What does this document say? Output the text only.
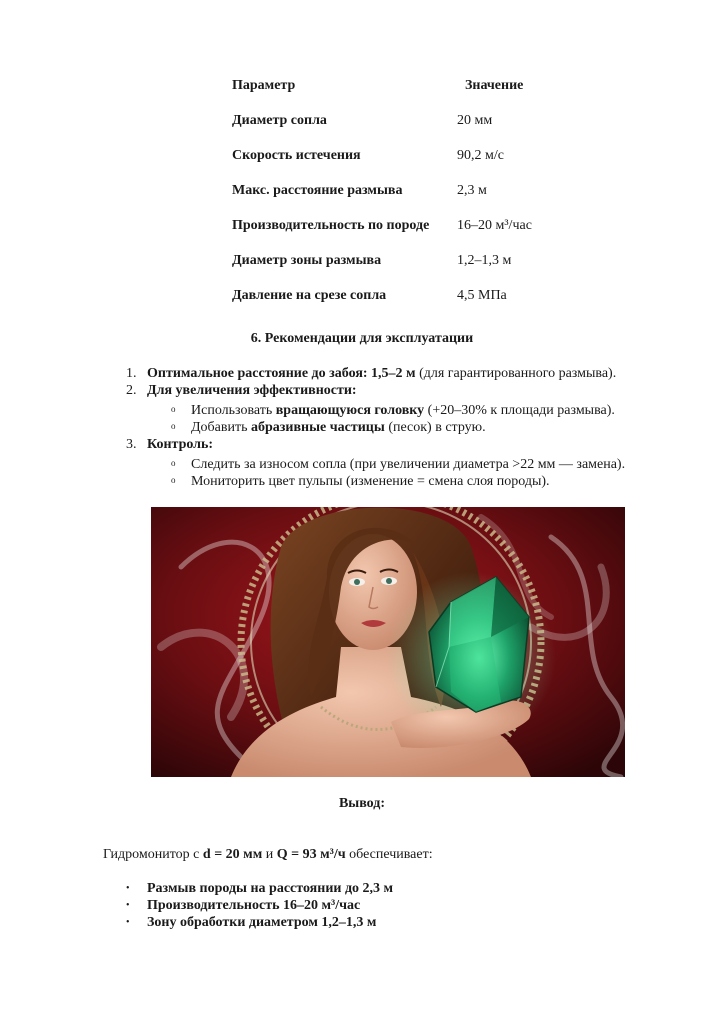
Параметр	Значение
Диаметр сопла	20 мм
Скорость истечения	90,2 м/с
Макс. расстояние размыва	2,3 м
Производительность по породе 16–20 м³/час
Диаметр зоны размыва	1,2–1,3 м
Давление на срезе сопла	4,5 МПа
6. Рекомендации для эксплуатации
1. Оптимальное расстояние до забоя: 1,5–2 м (для гарантированного размыва).
2. Для увеличения эффективности:
o Использовать вращающуюся головку (+20–30% к площади размыва).
o Добавить абразивные частицы (песок) в струю.
3. Контроль:
o Следить за износом сопла (при увеличении диаметра >22 мм — замена).
o Мониторить цвет пульпы (изменение = смена слоя породы).
Вывод:
Гидромонитор с d = 20 мм и Q = 93 м³/ч обеспечивает:
• Размыв породы на расстоянии до 2,3 м
• Производительность 16–20 м³/час
• Зону обработки диаметром 1,2–1,3 м
